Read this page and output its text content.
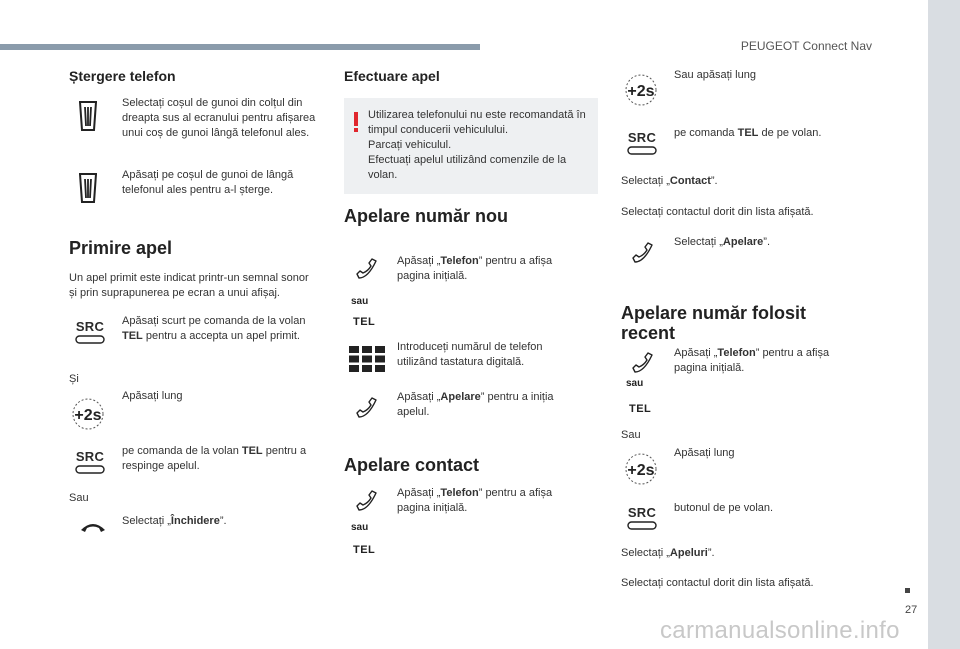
PEUGEOT Connect Nav
Ștergere telefon

Selectați coșul de gunoi din colțul din dreapta sus al ecranului pentru afișarea unui coș de gunoi lângă telefonul ales.

Apăsați pe coșul de gunoi de lângă telefonul ales pentru a-l șterge.

Primire apel

Un apel primit este indicat printr-un semnal sonor și prin suprapunerea pe ecran a unui afișaj.

SRC	Apăsați scurt pe comanda de la volan TEL pentru a accepta un apel primit.

Și

+2s

Apăsați lung

SRC	pe comanda de la volan TEL pentru a respinge apelul.

Sau

Selectați „Închidere”.

Efectuare apel

Utilizarea telefonului nu este recomandată în timpul conducerii vehiculului.
Parcați vehiculul.
Efectuați apelul utilizând comenzile de la volan.

Apelare număr nou

sau

TEL

Apăsați „Telefon” pentru a afișa pagina inițială.

Introduceți numărul de telefon utilizând tastatura digitală.

Apăsați „Apelare” pentru a iniția apelul.

Apelare contact

sau

TEL

Apăsați „Telefon” pentru a afișa pagina inițială.

+2s

Sau apăsați lung

SRC	pe comanda TEL de pe volan.

Selectați „Contact”.

Selectați contactul dorit din lista afișată.

Selectați „Apelare”.

Apelare număr folosit recent

sau

TEL

Apăsați „Telefon” pentru a afișa pagina inițială.

Sau

+2s

Apăsați lung

SRC	butonul de pe volan.

Selectați „Apeluri”.

Selectați contactul dorit din lista afișată.

27
carmanualsonline.info
